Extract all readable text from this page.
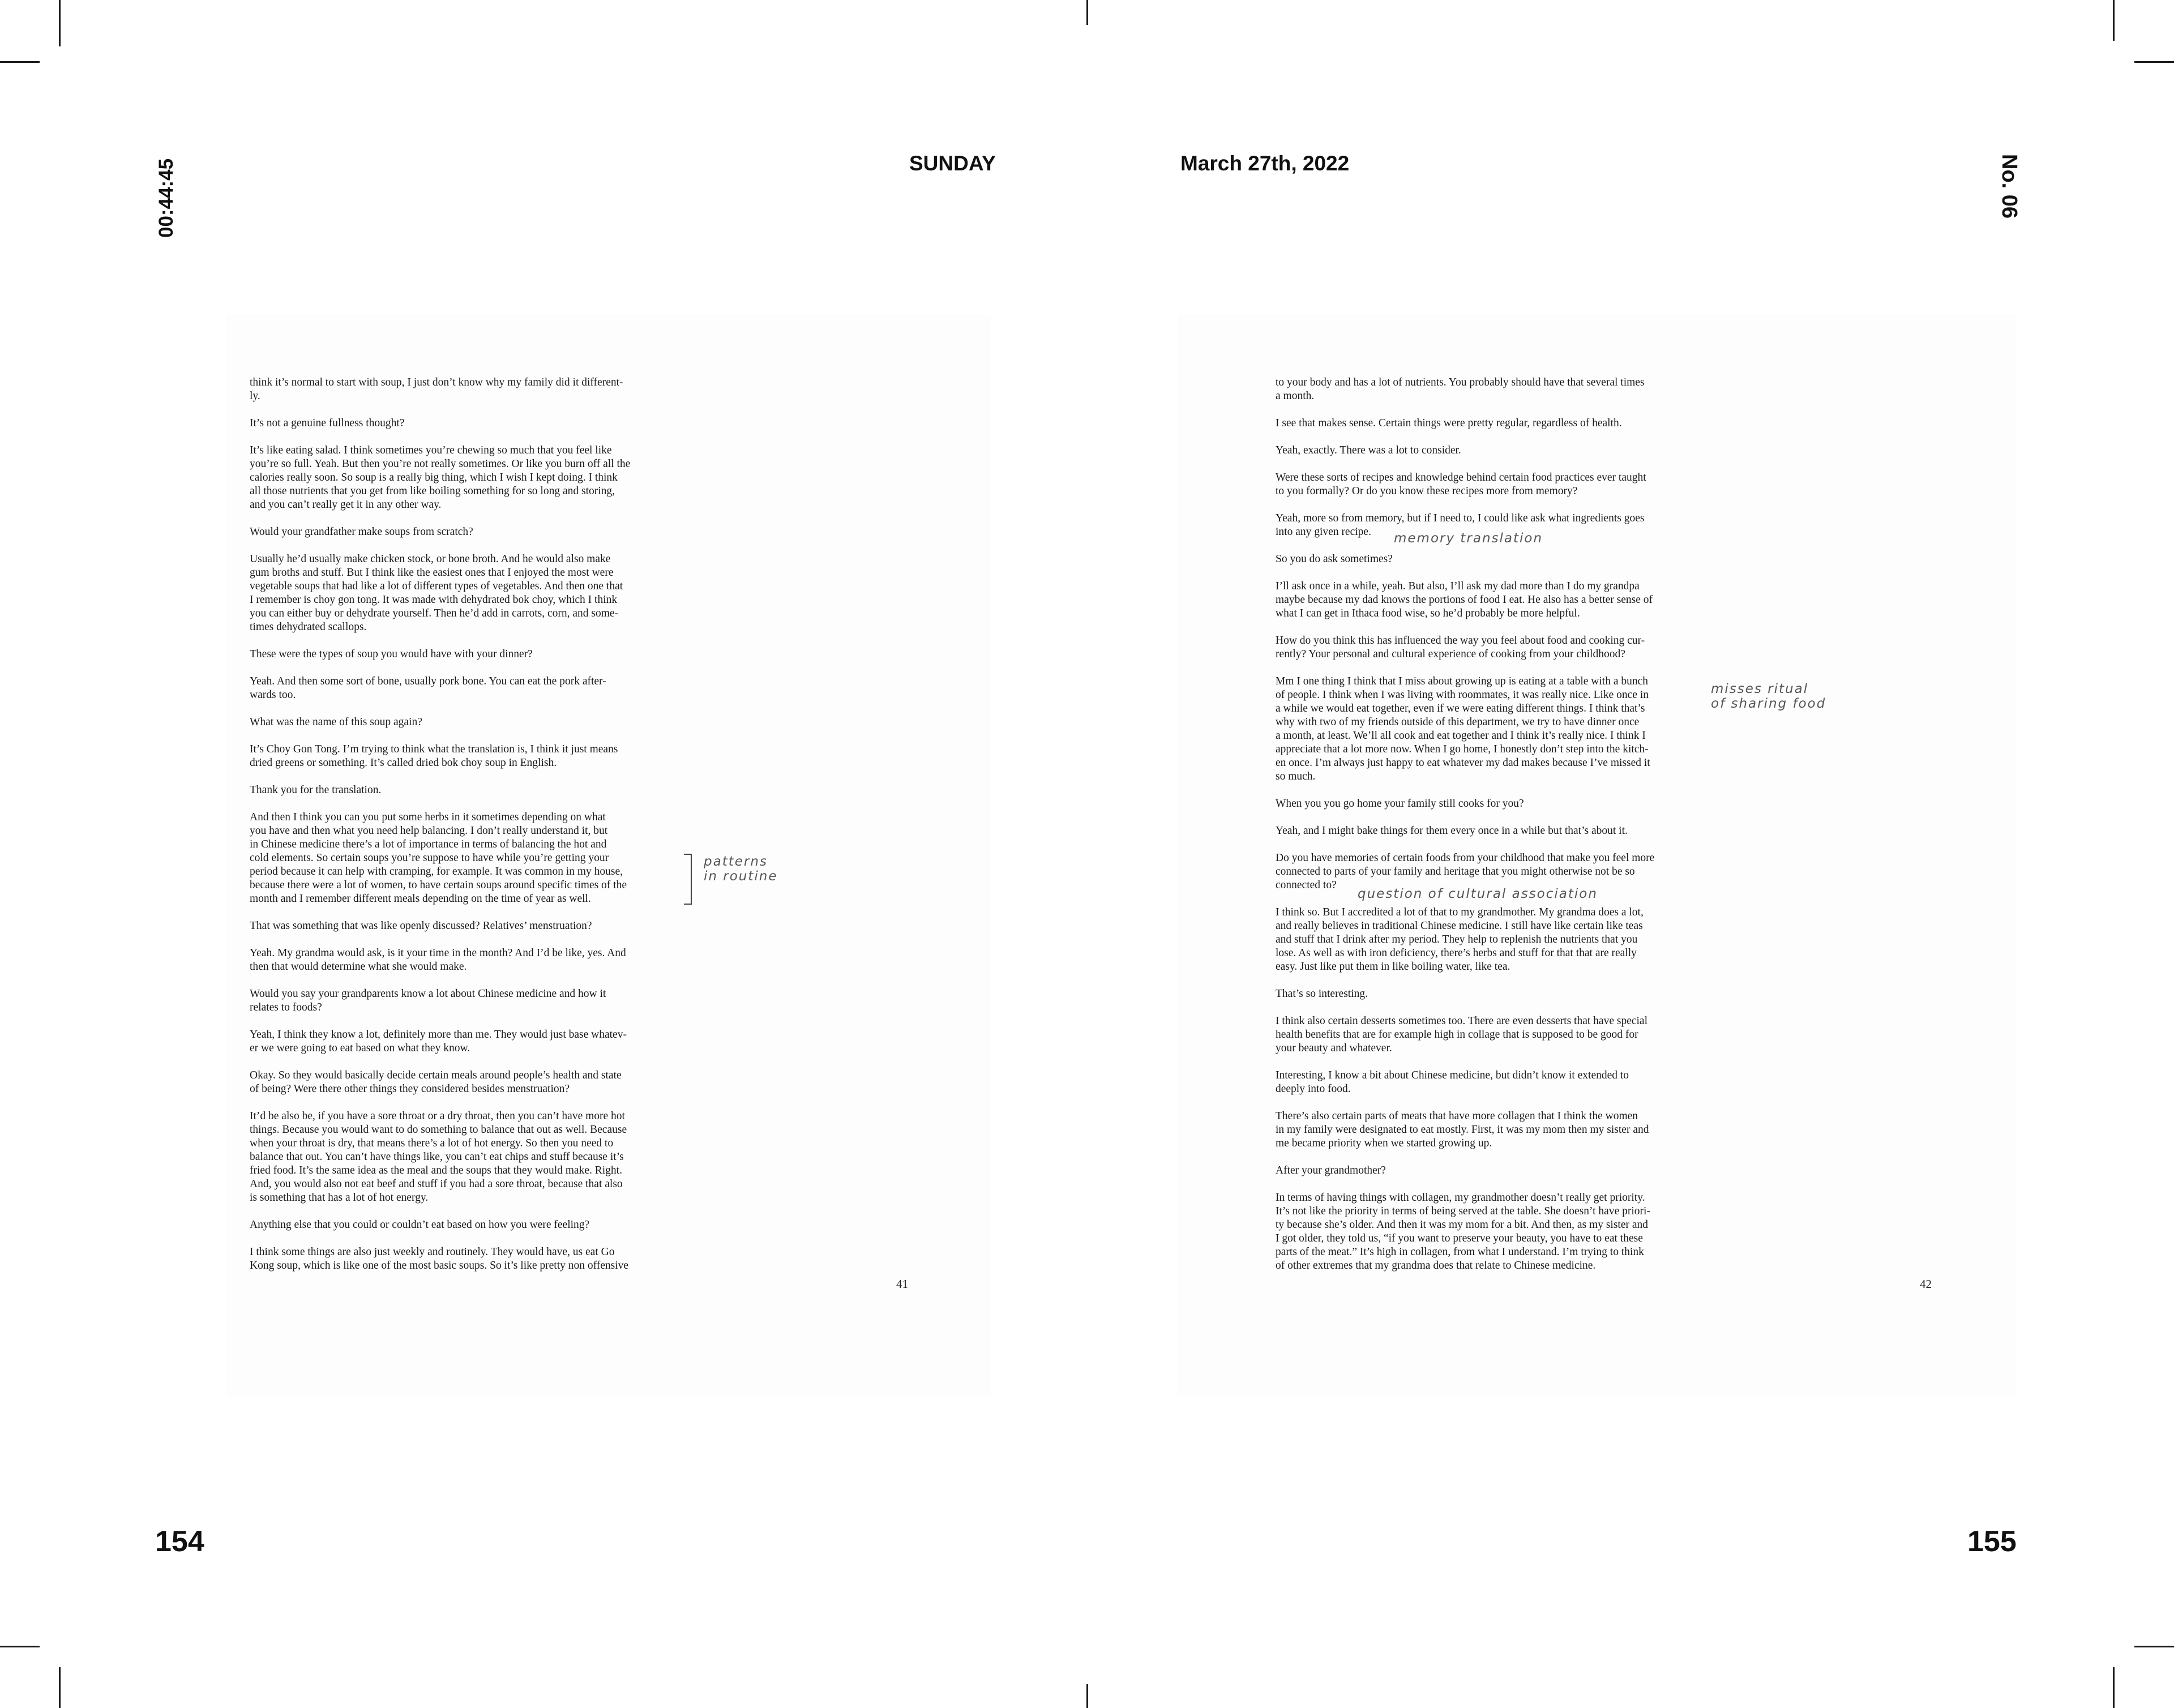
00:44:45	SUNDAY	March 27th, 2022	No. 06

think it’s normal to start with soup, I just don’t know why my family did it different-
ly.

It’s not a genuine fullness thought?

It’s like eating salad. I think sometimes you’re chewing so much that you feel like
you’re so full. Yeah. But then you’re not really sometimes. Or like you burn off all the
calories really soon. So soup is a really big thing, which I wish I kept doing. I think
all those nutrients that you get from like boiling something for so long and storing,
and you can’t really get it in any other way.

Would your grandfather make soups from scratch?

Usually he’d usually make chicken stock, or bone broth. And he would also make
gum broths and stuff. But I think like the easiest ones that I enjoyed the most were
vegetable soups that had like a lot of different types of vegetables. And then one that
I remember is choy gon tong. It was made with dehydrated bok choy, which I think
you can either buy or dehydrate yourself. Then he’d add in carrots, corn, and some-
times dehydrated scallops.

These were the types of soup you would have with your dinner?

Yeah. And then some sort of bone, usually pork bone. You can eat the pork after-
wards too.

What was the name of this soup again?

It’s Choy Gon Tong. I’m trying to think what the translation is, I think it just means
dried greens or something. It’s called dried bok choy soup in English.

Thank you for the translation.

And then I think you can you put some herbs in it sometimes depending on what
you have and then what you need help balancing. I don’t really understand it, but
in Chinese medicine there’s a lot of importance in terms of balancing the hot and
cold elements. So certain soups you’re suppose to have while you’re getting your
period because it can help with cramping, for example. It was common in my house,
because there were a lot of women, to have certain soups around specific times of the
month and I remember different meals depending on the time of year as well.

That was something that was like openly discussed? Relatives’ menstruation?

Yeah. My grandma would ask, is it your time in the month? And I’d be like, yes. And
then that would determine what she would make.

Would you say your grandparents know a lot about Chinese medicine and how it
relates to foods?

Yeah, I think they know a lot, definitely more than me. They would just base whatev-
er we were going to eat based on what they know.

Okay. So they would basically decide certain meals around people’s health and state
of being? Were there other things they considered besides menstruation?

It’d be also be, if you have a sore throat or a dry throat, then you can’t have more hot
things. Because you would want to do something to balance that out as well. Because
when your throat is dry, that means there’s a lot of hot energy. So then you need to
balance that out. You can’t have things like, you can’t eat chips and stuff because it’s
fried food. It’s the same idea as the meal and the soups that they would make. Right.
And, you would also not eat beef and stuff if you had a sore throat, because that also
is something that has a lot of hot energy.

Anything else that you could or couldn’t eat based on how you were feeling?

I think some things are also just weekly and routinely. They would have, us eat Go
Kong soup, which is like one of the most basic soups. So it’s like pretty non offensive

41
patterns
in routine

to your body and has a lot of nutrients. You probably should have that several times
a month.

I see that makes sense. Certain things were pretty regular, regardless of health.

Yeah, exactly. There was a lot to consider.

Were these sorts of recipes and knowledge behind certain food practices ever taught
to you formally? Or do you know these recipes more from memory?

Yeah, more so from memory, but if I need to, I could like ask what ingredients goes
into any given recipe.

So you do ask sometimes?

I’ll ask once in a while, yeah. But also, I’ll ask my dad more than I do my grandpa
maybe because my dad knows the portions of food I eat. He also has a better sense of
what I can get in Ithaca food wise, so he’d probably be more helpful.

How do you think this has influenced the way you feel about food and cooking cur-
rently? Your personal and cultural experience of cooking from your childhood?

Mm I one thing I think that I miss about growing up is eating at a table with a bunch
of people. I think when I was living with roommates, it was really nice. Like once in
a while we would eat together, even if we were eating different things. I think that’s
why with two of my friends outside of this department, we try to have dinner once
a month, at least. We’ll all cook and eat together and I think it’s really nice. I think I
appreciate that a lot more now. When I go home, I honestly don’t step into the kitch-
en once. I’m always just happy to eat whatever my dad makes because I’ve missed it
so much.

When you you go home your family still cooks for you?

Yeah, and I might bake things for them every once in a while but that’s about it.

Do you have memories of certain foods from your childhood that make you feel more
connected to parts of your family and heritage that you might otherwise not be so
connected to?

I think so. But I accredited a lot of that to my grandmother. My grandma does a lot,
and really believes in traditional Chinese medicine. I still have like certain like teas
and stuff that I drink after my period. They help to replenish the nutrients that you
lose. As well as with iron deficiency, there’s herbs and stuff for that that are really
easy. Just like put them in like boiling water, like tea.

That’s so interesting.

I think also certain desserts sometimes too. There are even desserts that have special
health benefits that are for example high in collage that is supposed to be good for
your beauty and whatever.

Interesting, I know a bit about Chinese medicine, but didn’t know it extended to
deeply into food.

There’s also certain parts of meats that have more collagen that I think the women
in my family were designated to eat mostly. First, it was my mom then my sister and
me became priority when we started growing up.

After your grandmother?

In terms of having things with collagen, my grandmother doesn’t really get priority.
It’s not like the priority in terms of being served at the table. She doesn’t have priori-
ty because she’s older. And then it was my mom for a bit. And then, as my sister and
I got older, they told us, “if you want to preserve your beauty, you have to eat these
parts of the meat.” It’s high in collagen, from what I understand. I’m trying to think
of other extremes that my grandma does that relate to Chinese medicine.

42
memory translation
misses ritual
of sharing food
question of cultural association
154	155
